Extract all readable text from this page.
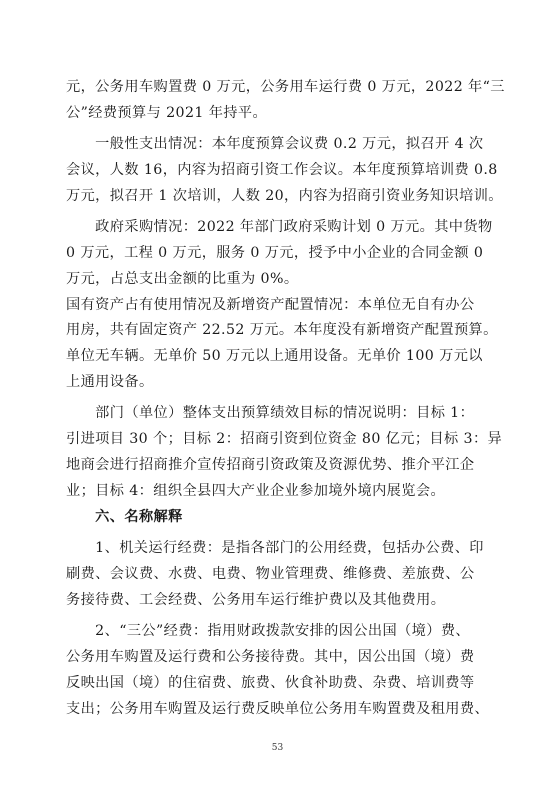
元，公务用车购置费 0 万元，公务用车运行费 0 万元，2022 年“三
公”经费预算与 2021 年持平。
　　一般性支出情况：本年度预算会议费 0.2 万元，拟召开 4 次
会议，人数 16，内容为招商引资工作会议。本年度预算培训费 0.8
万元，拟召开 1 次培训，人数 20，内容为招商引资业务知识培训。
　　政府采购情况：2022 年部门政府采购计划 0 万元。其中货物
0 万元，工程 0 万元，服务 0 万元，授予中小企业的合同金额 0
万元，占总支出金额的比重为 0%。
国有资产占有使用情况及新增资产配置情况：本单位无自有办公
用房，共有固定资产 22.52 万元。本年度没有新增资产配置预算。
单位无车辆。无单价 50 万元以上通用设备。无单价 100 万元以
上通用设备。
　　部门（单位）整体支出预算绩效目标的情况说明：目标 1：
引进项目 30 个；目标 2：招商引资到位资金 80 亿元；目标 3：异
地商会进行招商推介宣传招商引资政策及资源优势、推介平江企
业；目标 4：组织全县四大产业企业参加境外境内展览会。
　　六、名称解释
　　1、机关运行经费：是指各部门的公用经费，包括办公费、印
刷费、会议费、水费、电费、物业管理费、维修费、差旅费、公
务接待费、工会经费、公务用车运行维护费以及其他费用。
　　2、“三公”经费：指用财政拨款安排的因公出国（境）费、
公务用车购置及运行费和公务接待费。其中，因公出国（境）费
反映出国（境）的住宿费、旅费、伙食补助费、杂费、培训费等
支出；公务用车购置及运行费反映单位公务用车购置费及租用费、
53
